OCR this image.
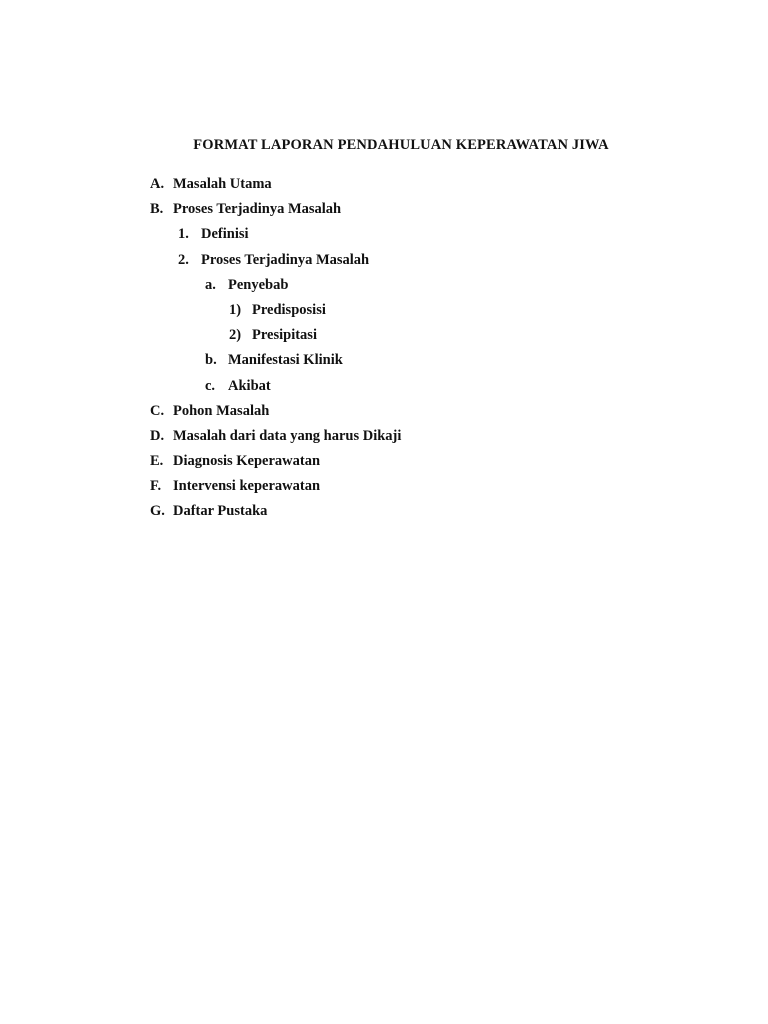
FORMAT LAPORAN PENDAHULUAN KEPERAWATAN JIWA
A. Masalah Utama
B. Proses Terjadinya Masalah
1. Definisi
2. Proses Terjadinya Masalah
a. Penyebab
1) Predisposisi
2) Presipitasi
b. Manifestasi Klinik
c. Akibat
C. Pohon Masalah
D. Masalah dari data yang harus Dikaji
E. Diagnosis Keperawatan
F. Intervensi keperawatan
G. Daftar Pustaka
